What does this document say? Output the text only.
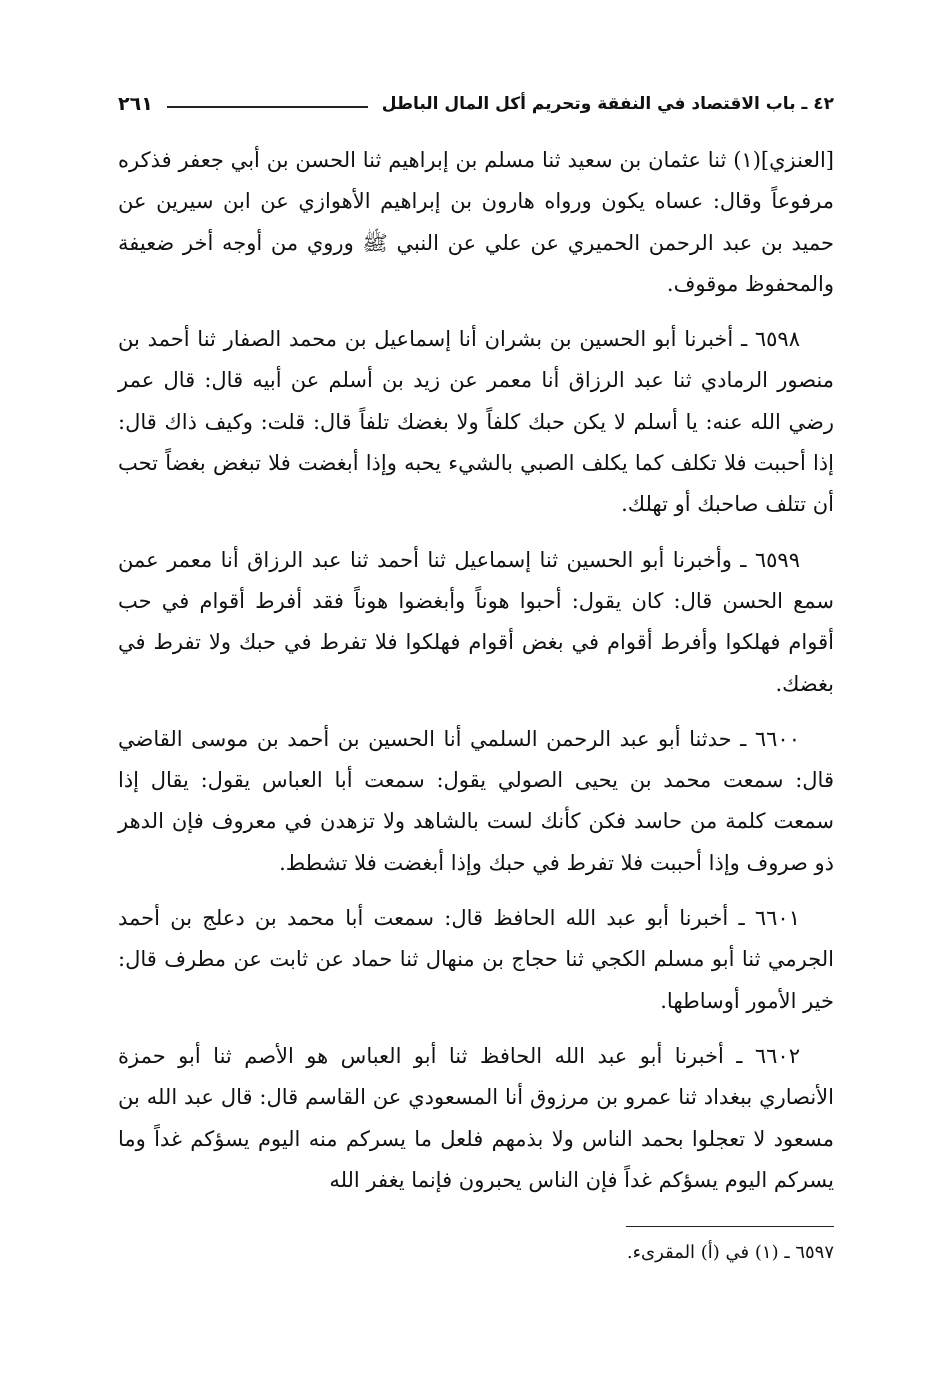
٤٢ ـ باب الاقتصاد في النفقة وتحريم أكل المال الباطل
٢٦١

[العنزي](١) ثنا عثمان بن سعيد ثنا مسلم بن إبراهيم ثنا الحسن بن أبي جعفر فذكره مرفوعاً وقال: عساه يكون ورواه هارون بن إبراهيم الأهوازي عن ابن سيرين عن حميد بن عبد الرحمن الحميري عن علي عن النبي ﷺ وروي من أوجه أخر ضعيفة والمحفوظ موقوف.

٦٥٩٨ ـ أخبرنا أبو الحسين بن بشران أنا إسماعيل بن محمد الصفار ثنا أحمد بن منصور الرمادي ثنا عبد الرزاق أنا معمر عن زيد بن أسلم عن أبيه قال: قال عمر رضي الله عنه: يا أسلم لا يكن حبك كلفاً ولا بغضك تلفاً قال: قلت: وكيف ذاك قال: إذا أحببت فلا تكلف كما يكلف الصبي بالشيء يحبه وإذا أبغضت فلا تبغض بغضاً تحب أن تتلف صاحبك أو تهلك.

٦٥٩٩ ـ وأخبرنا أبو الحسين ثنا إسماعيل ثنا أحمد ثنا عبد الرزاق أنا معمر عمن سمع الحسن قال: كان يقول: أحبوا هوناً وأبغضوا هوناً فقد أفرط أقوام في حب أقوام فهلكوا وأفرط أقوام في بغض أقوام فهلكوا فلا تفرط في حبك ولا تفرط في بغضك.

٦٦٠٠ ـ حدثنا أبو عبد الرحمن السلمي أنا الحسين بن أحمد بن موسى القاضي قال: سمعت محمد بن يحيى الصولي يقول: سمعت أبا العباس يقول: يقال إذا سمعت كلمة من حاسد فكن كأنك لست بالشاهد ولا تزهدن في معروف فإن الدهر ذو صروف وإذا أحببت فلا تفرط في حبك وإذا أبغضت فلا تشطط.

٦٦٠١ ـ أخبرنا أبو عبد الله الحافظ قال: سمعت أبا محمد بن دعلج بن أحمد الجرمي ثنا أبو مسلم الكجي ثنا حجاج بن منهال ثنا حماد عن ثابت عن مطرف قال: خير الأمور أوساطها.

٦٦٠٢ ـ أخبرنا أبو عبد الله الحافظ ثنا أبو العباس هو الأصم ثنا أبو حمزة الأنصاري ببغداد ثنا عمرو بن مرزوق أنا المسعودي عن القاسم قال: قال عبد الله بن مسعود لا تعجلوا بحمد الناس ولا بذمهم فلعل ما يسركم منه اليوم يسؤكم غداً وما يسركم اليوم يسؤكم غداً فإن الناس يحبرون فإنما يغفر الله

٦٥٩٧ ـ (١) في (أ) المقرىء.
